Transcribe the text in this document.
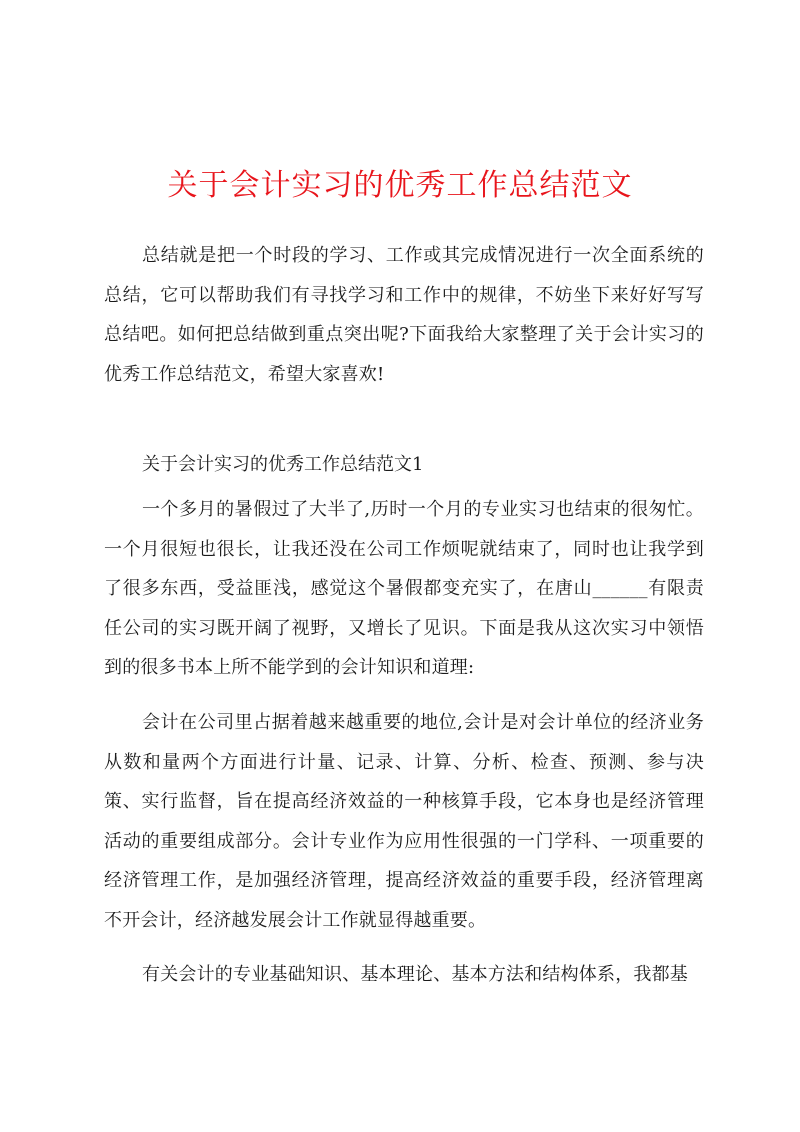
关于会计实习的优秀工作总结范文

总结就是把一个时段的学习、工作或其完成情况进行一次全面系统的总结，它可以帮助我们有寻找学习和工作中的规律，不妨坐下来好好写写总结吧。如何把总结做到重点突出呢?下面我给大家整理了关于会计实习的优秀工作总结范文，希望大家喜欢!

关于会计实习的优秀工作总结范文1

一个多月的暑假过了大半了,历时一个月的专业实习也结束的很匆忙。一个月很短也很长，让我还没在公司工作烦呢就结束了，同时也让我学到了很多东西，受益匪浅，感觉这个暑假都变充实了，在唐山______有限责任公司的实习既开阔了视野，又增长了见识。下面是我从这次实习中领悟到的很多书本上所不能学到的会计知识和道理:

会计在公司里占据着越来越重要的地位,会计是对会计单位的经济业务从数和量两个方面进行计量、记录、计算、分析、检查、预测、参与决策、实行监督，旨在提高经济效益的一种核算手段，它本身也是经济管理活动的重要组成部分。会计专业作为应用性很强的一门学科、一项重要的经济管理工作，是加强经济管理，提高经济效益的重要手段，经济管理离不开会计，经济越发展会计工作就显得越重要。

有关会计的专业基础知识、基本理论、基本方法和结构体系，我都基
